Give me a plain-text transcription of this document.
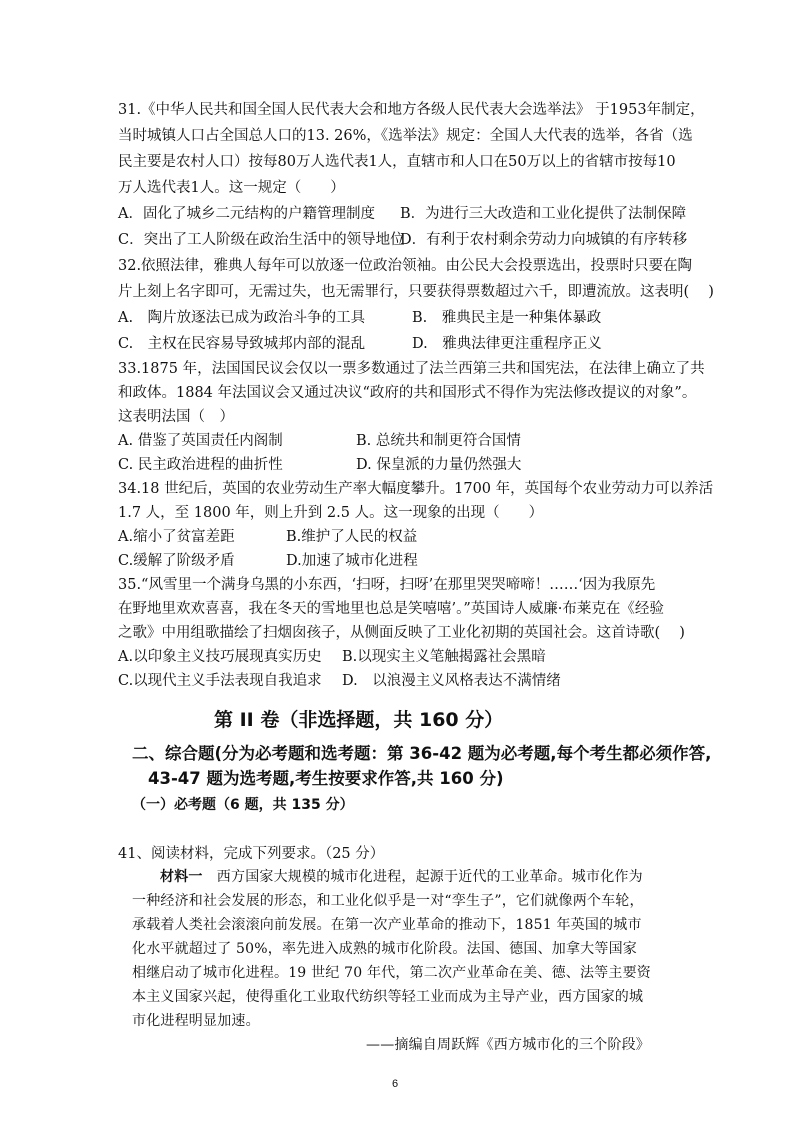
31.《中华人民共和国全国人民代表大会和地方各级人民代表大会选举法》 于1953年制定，
当时城镇人口占全国总人口的13. 26%，《选举法》规定：全国人大代表的选举，各省（选
民主要是农村人口）按每80万人选代表1人，直辖市和人口在50万以上的省辖市按每10
万人选代表1人。这一规定（　　）
A．固化了城乡二元结构的户籍管理制度 B．为进行三大改造和工业化提供了法制保障
C．突出了工人阶级在政治生活中的领导地位
D．有利于农村剩余劳动力向城镇的有序转移
32.依照法律，雅典人每年可以放逐一位政治领袖。由公民大会投票选出，投票时只要在陶
片上刻上名字即可，无需过失，也无需罪行，只要获得票数超过六千，即遭流放。这表明(　 )
A.　陶片放逐法已成为政治斗争的工具	B.　雅典民主是一种集体暴政
C.　主权在民容易导致城邦内部的混乱	D.　雅典法律更注重程序正义
33.1875 年，法国国民议会仅以一票多数通过了法兰西第三共和国宪法，在法律上确立了共
和政体。1884 年法国议会又通过决议“政府的共和国形式不得作为宪法修改提议的对象”。
这表明法国（　）
A. 借鉴了英国责任内阁制	B. 总统共和制更符合国情
C. 民主政治进程的曲折性	D. 保皇派的力量仍然强大
34.18 世纪后，英国的农业劳动生产率大幅度攀升。1700 年，英国每个农业劳动力可以养活
1.7 人，至 1800 年，则上升到 2.5 人。这一现象的出现（　　）
A.缩小了贫富差距	B.维护了人民的权益
C.缓解了阶级矛盾	D.加速了城市化进程
35.“风雪里一个满身乌黑的小东西，‘扫呀，扫呀’在那里哭哭啼啼！……‘因为我原先
在野地里欢欢喜喜，我在冬天的雪地里也总是笑嘻嘻’。”英国诗人威廉·布莱克在《经验
之歌》中用组歌描绘了扫烟囱孩子，从侧面反映了工业化初期的英国社会。这首诗歌(　 )
A.以印象主义技巧展现真实历史 B.以现实主义笔触揭露社会黑暗
C.以现代主义手法表现自我追求 D.　以浪漫主义风格表达不满情绪
第 II 卷（非选择题，共 160 分）
二、综合题(分为必考题和选考题：第 36-42 题为必考题,每个考生都必须作答,
43-47 题为选考题,考生按要求作答,共 160 分)
（一）必考题（6 题，共 135 分）
41、阅读材料，完成下列要求。（25 分）
材料一　西方国家大规模的城市化进程，起源于近代的工业革命。城市化作为
一种经济和社会发展的形态，和工业化似乎是一对“孪生子”，它们就像两个车轮，
承载着人类社会滚滚向前发展。在第一次产业革命的推动下，1851 年英国的城市
化水平就超过了 50%，率先进入成熟的城市化阶段。法国、德国、加拿大等国家
相继启动了城市化进程。19 世纪 70 年代，第二次产业革命在美、德、法等主要资
本主义国家兴起，使得重化工业取代纺织等轻工业而成为主导产业，西方国家的城
市化进程明显加速。
——摘编自周跃辉《西方城市化的三个阶段》
6
